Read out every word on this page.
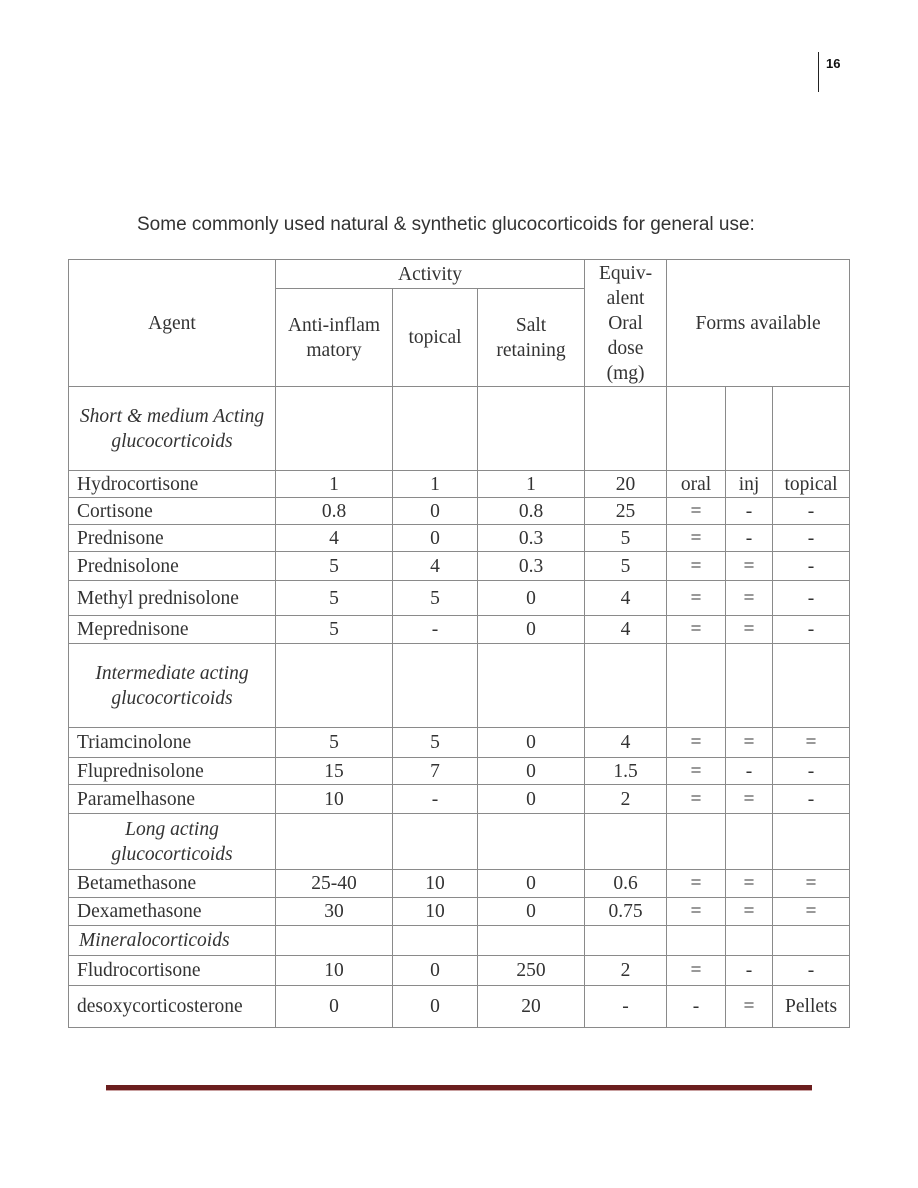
16
Some commonly used natural & synthetic glucocorticoids for general use:
Agent	Activity			Equiv-alent Oral dose (mg)	Forms available		
	Anti-inflammatory	topical	Salt retaining				
Short & medium Acting glucocorticoids							
Hydrocortisone	1	1	1	20	oral	inj	topical
Cortisone	0.8	0	0.8	25	=	-	-
Prednisone	4	0	0.3	5	=	-	-
Prednisolone	5	4	0.3	5	=	=	-
Methyl prednisolone	5	5	0	4	=	=	-
Meprednisone	5	-	0	4	=	=	-
Intermediate acting glucocorticoids							
Triamcinolone	5	5	0	4	=	=	=
Fluprednisolone	15	7	0	1.5	=	-	-
Paramelhasone	10	-	0	2	=	=	-
Long acting glucocorticoids							
Betamethasone	25-40	10	0	0.6	=	=	=
Dexamethasone	30	10	0	0.75	=	=	=
Mineralocorticoids							
Fludrocortisone	10	0	250	2	=	-	-
desoxycorticosterone	0	0	20	-	-	=	Pellets
